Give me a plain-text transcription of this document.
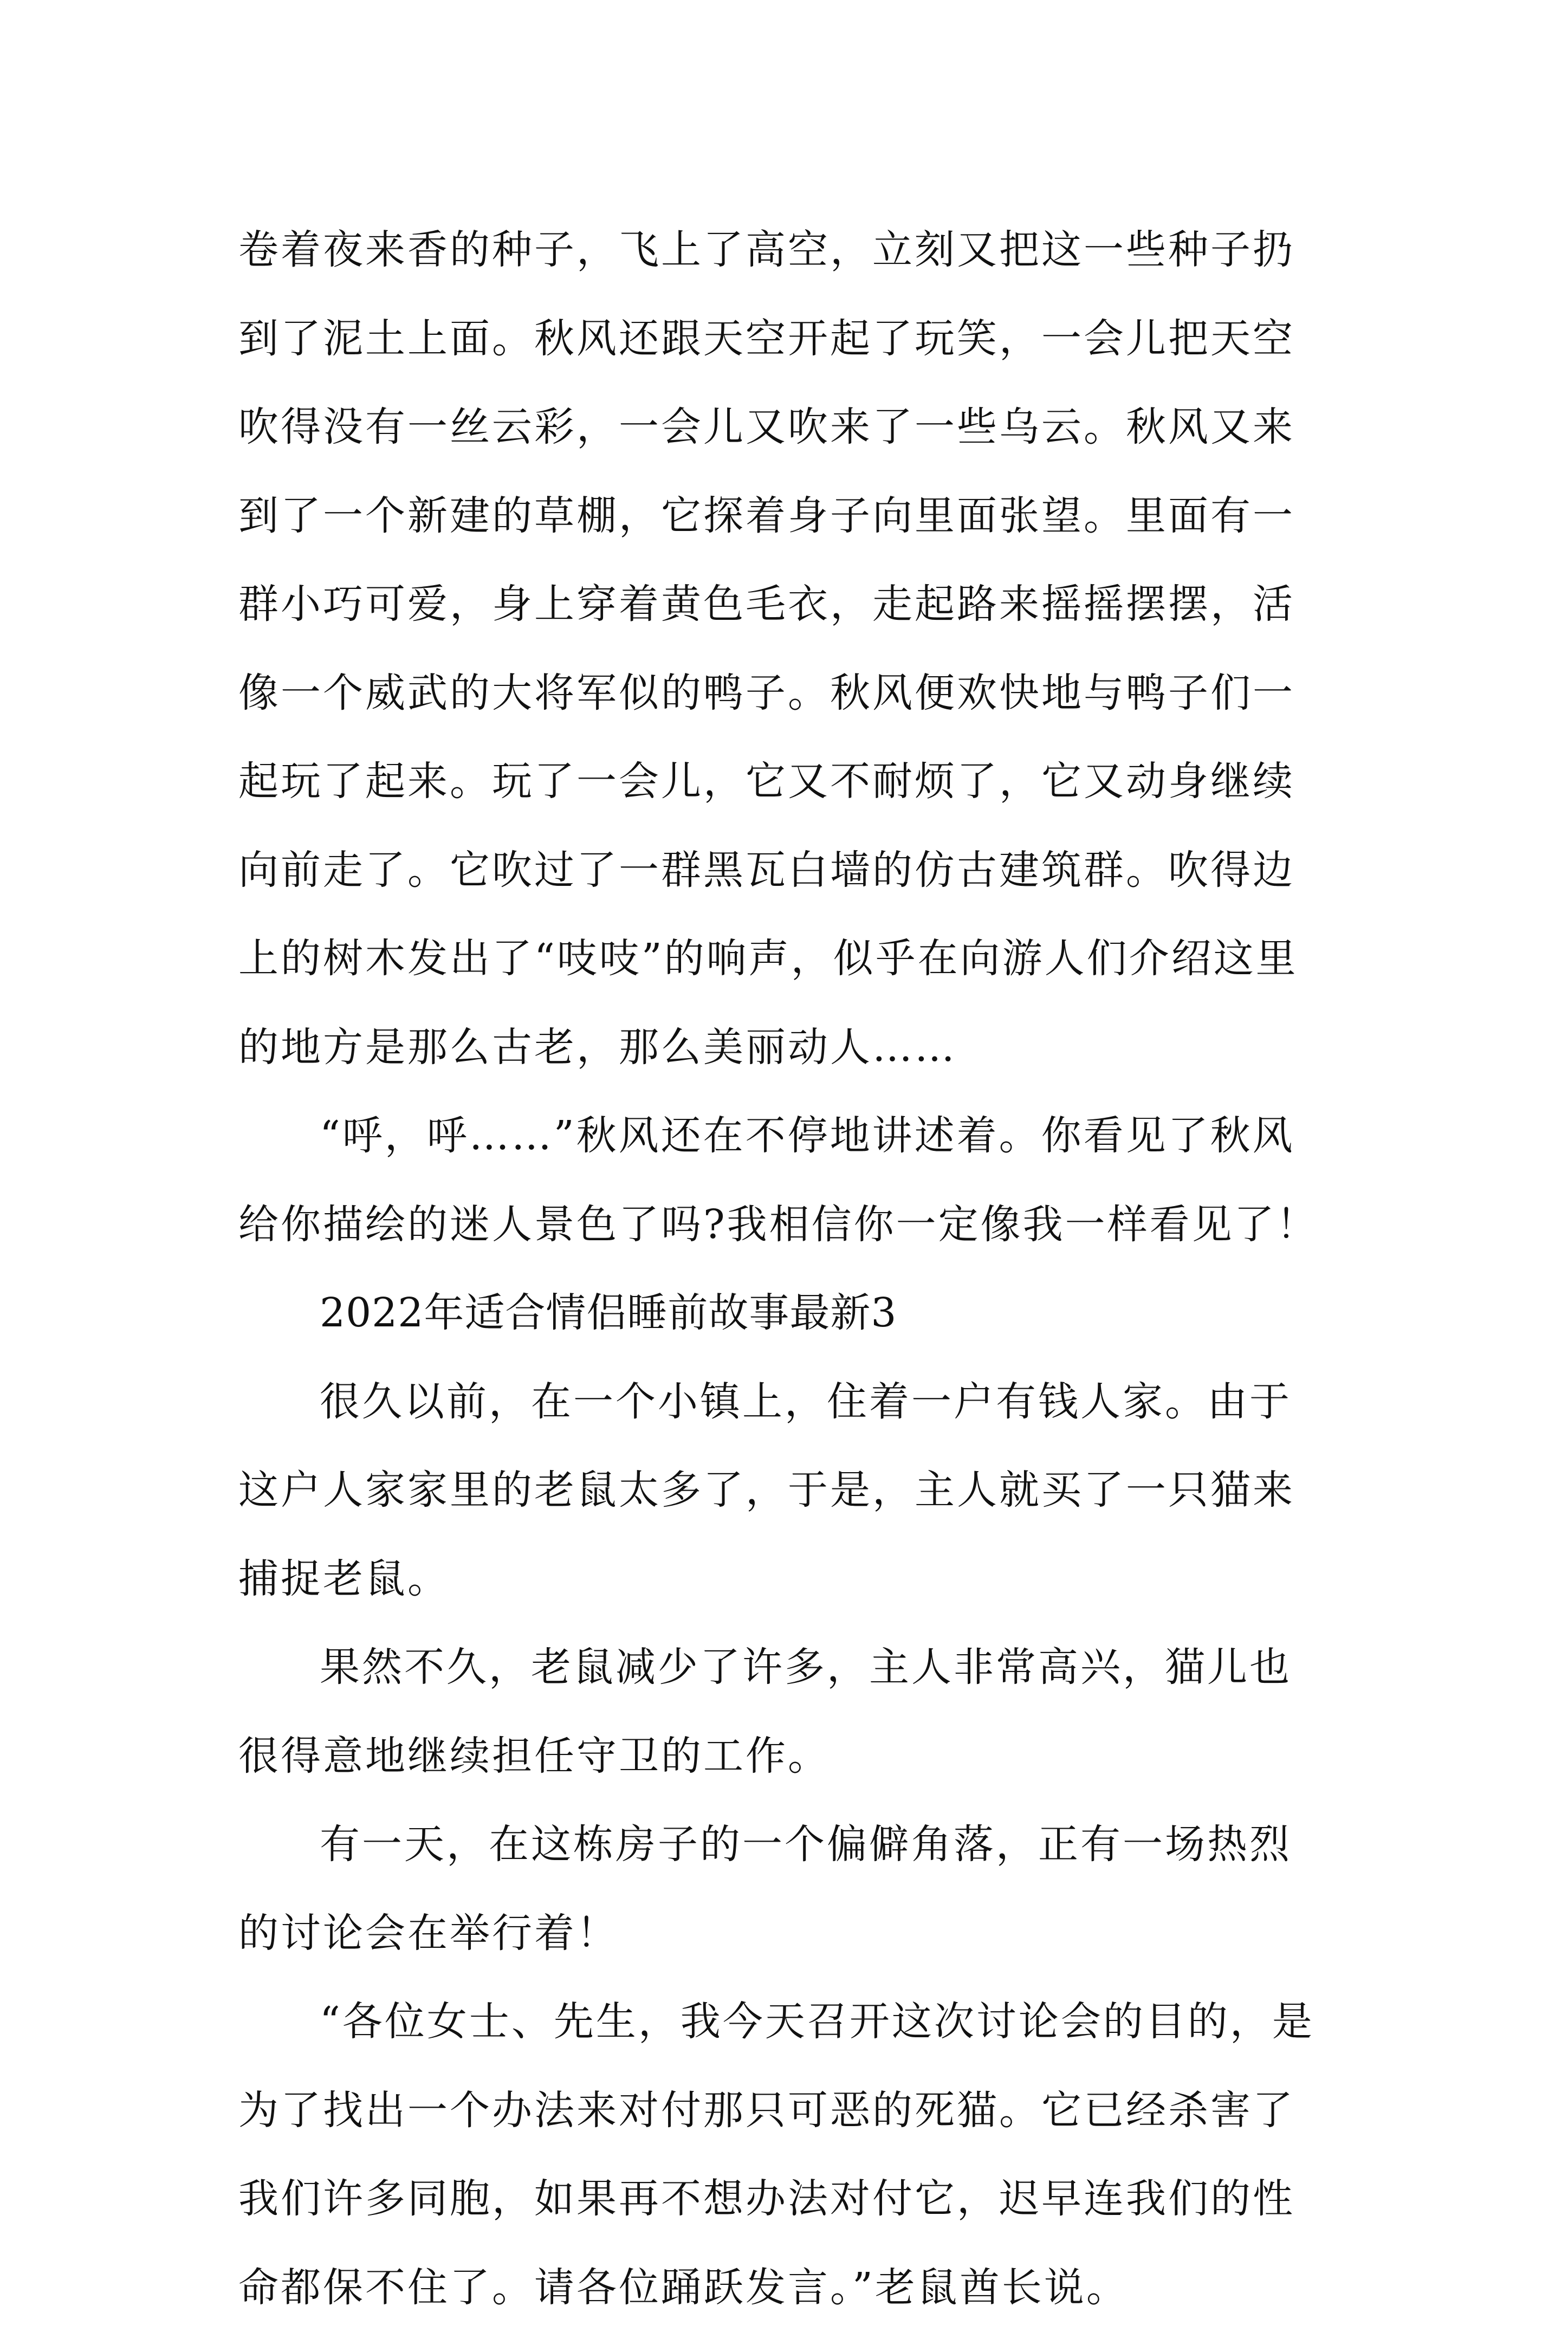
卷着夜来香的种子，飞上了高空，立刻又把这一些种子扔到了泥土上面。秋风还跟天空开起了玩笑，一会儿把天空吹得没有一丝云彩，一会儿又吹来了一些乌云。秋风又来到了一个新建的草棚，它探着身子向里面张望。里面有一群小巧可爱，身上穿着黄色毛衣，走起路来摇摇摆摆，活像一个威武的大将军似的鸭子。秋风便欢快地与鸭子们一起玩了起来。玩了一会儿，它又不耐烦了，它又动身继续向前走了。它吹过了一群黑瓦白墙的仿古建筑群。吹得边上的树木发出了“吱吱”的响声，似乎在向游人们介绍这里的地方是那么古老，那么美丽动人……

“呼，呼……”秋风还在不停地讲述着。你看见了秋风给你描绘的迷人景色了吗?我相信你一定像我一样看见了！

2022年适合情侣睡前故事最新3

很久以前，在一个小镇上，住着一户有钱人家。由于这户人家家里的老鼠太多了，于是，主人就买了一只猫来捕捉老鼠。

果然不久，老鼠减少了许多，主人非常高兴，猫儿也很得意地继续担任守卫的工作。

有一天，在这栋房子的一个偏僻角落，正有一场热烈的讨论会在举行着！

“各位女士、先生，我今天召开这次讨论会的目的，是为了找出一个办法来对付那只可恶的死猫。它已经杀害了我们许多同胞，如果再不想办法对付它，迟早连我们的性命都保不住了。请各位踊跃发言。”老鼠酋长说。
